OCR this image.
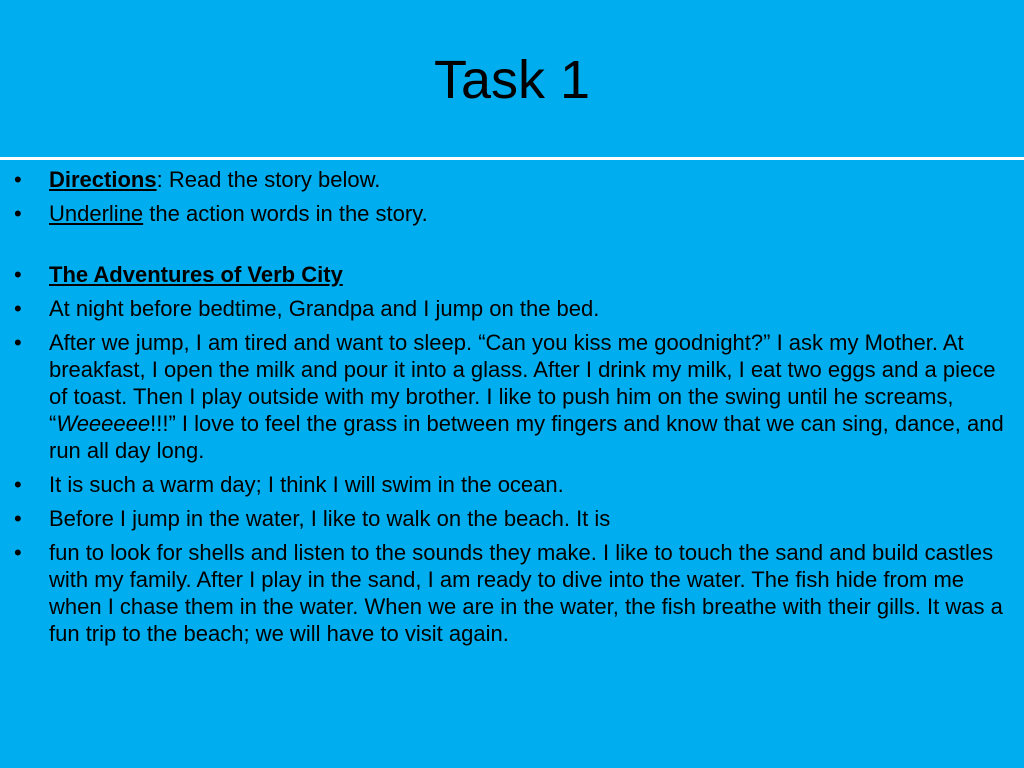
Task 1
•	Directions: Read the story below.
•	Underline the action words in the story.
•	The Adventures of Verb City
•	At night before bedtime, Grandpa and I jump on the bed.
•	After we jump, I am tired and want to sleep. “Can you kiss me goodnight?” I ask my Mother. At breakfast, I open the milk and pour it into a glass. After I drink my milk, I eat two eggs and a piece of toast. Then I play outside with my brother. I like to push him on the swing until he screams, “Weeeeee!!!” I love to feel the grass in between my fingers and know that we can sing, dance, and run all day long.
•	It is such a warm day; I think I will swim in the ocean.
•	Before I jump in the water, I like to walk on the beach. It is
•	fun to look for shells and listen to the sounds they make. I like to touch the sand and build castles with my family. After I play in the sand, I am ready to dive into the water. The fish hide from me when I chase them in the water. When we are in the water, the fish breathe with their gills. It was a fun trip to the beach; we will have to visit again.
